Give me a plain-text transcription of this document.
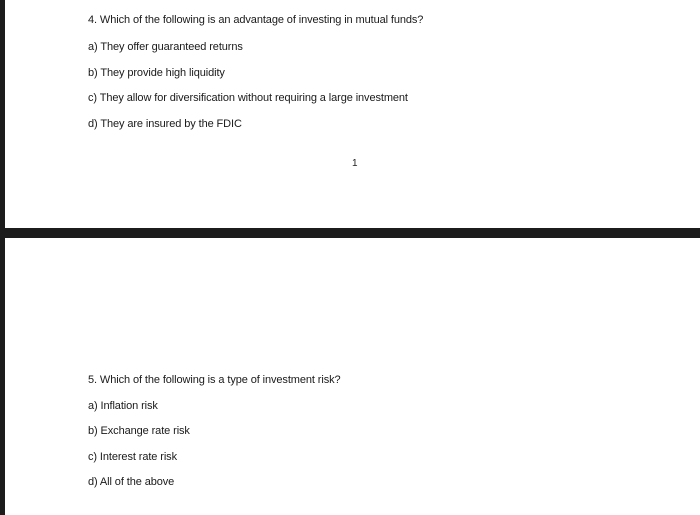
4. Which of the following is an advantage of investing in mutual funds?
a) They offer guaranteed returns
b) They provide high liquidity
c) They allow for diversification without requiring a large investment
d) They are insured by the FDIC
1
5. Which of the following is a type of investment risk?
a) Inflation risk
b) Exchange rate risk
c) Interest rate risk
d) All of the above
